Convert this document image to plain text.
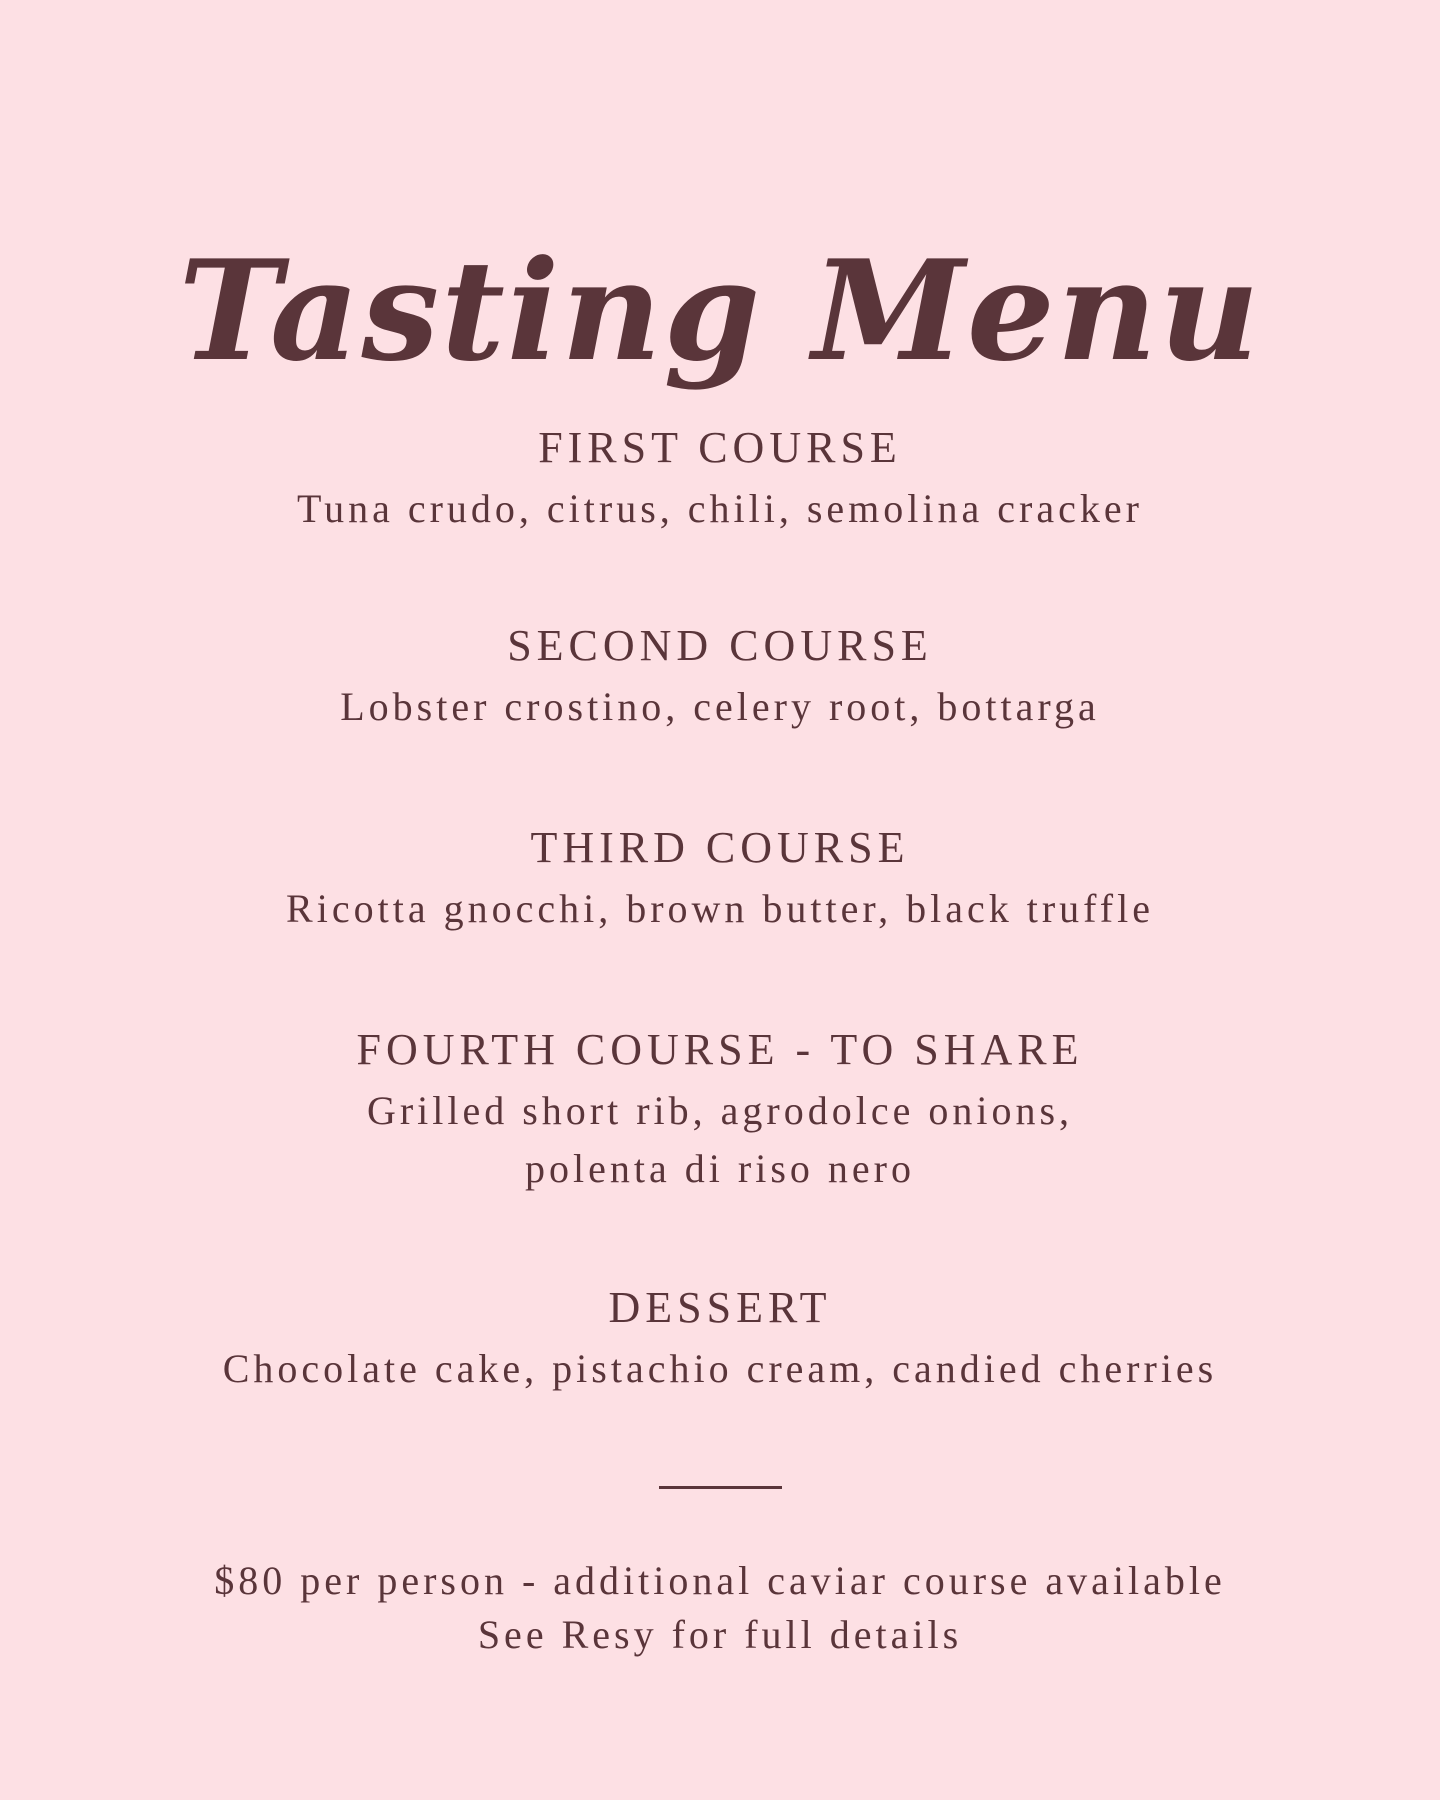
Tasting Menu
FIRST COURSE
Tuna crudo, citrus, chili, semolina cracker
SECOND COURSE
Lobster crostino, celery root, bottarga
THIRD COURSE
Ricotta gnocchi, brown butter, black truffle
FOURTH COURSE - TO SHARE
Grilled short rib, agrodolce onions,
polenta di riso nero
DESSERT
Chocolate cake, pistachio cream, candied cherries
$80 per person - additional caviar course available
See Resy for full details
